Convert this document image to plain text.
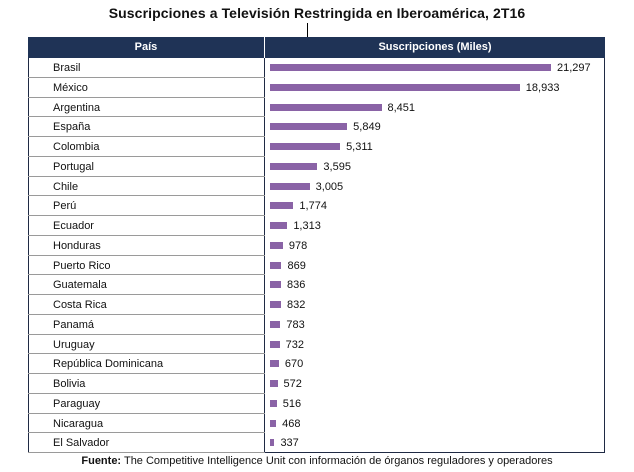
Suscripciones a Televisión Restringida en Iberoamérica, 2T16
País	Suscripciones (Miles)
Brasil	21,297
México	18,933
Argentina	8,451
España	5,849
Colombia	5,311
Portugal	3,595
Chile	3,005
Perú	1,774
Ecuador	1,313
Honduras	978
Puerto Rico	869
Guatemala	836
Costa Rica	832
Panamá	783
Uruguay	732
República Dominicana	670
Bolivia	572
Paraguay	516
Nicaragua	468
El Salvador	337
Fuente: The Competitive Intelligence Unit con información de órganos reguladores y operadores
